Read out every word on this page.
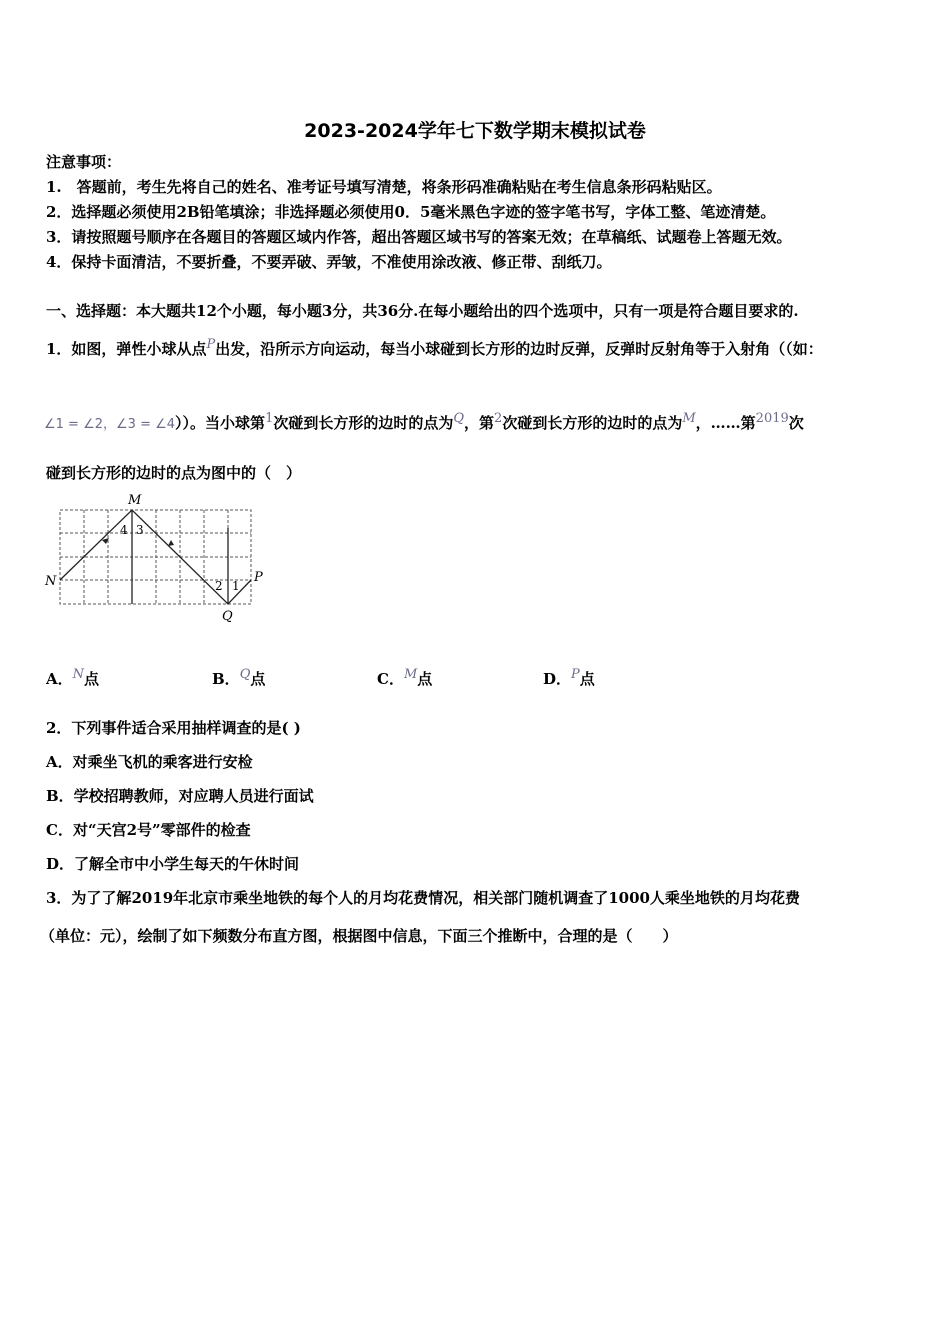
2023-2024学年七下数学期末模拟试卷
注意事项：
1.　答题前，考生先将自己的姓名、准考证号填写清楚，将条形码准确粘贴在考生信息条形码粘贴区。
2．选择题必须使用2B铅笔填涂；非选择题必须使用0．5毫米黑色字迹的签字笔书写，字体工整、笔迹清楚。
3．请按照题号顺序在各题目的答题区域内作答，超出答题区域书写的答案无效；在草稿纸、试题卷上答题无效。
4．保持卡面清洁，不要折叠，不要弄破、弄皱，不准使用涂改液、修正带、刮纸刀。
一、选择题：本大题共12个小题，每小题3分，共36分.在每小题给出的四个选项中，只有一项是符合题目要求的.
1．如图，弹性小球从点P出发，沿所示方向运动，每当小球碰到长方形的边时反弹，反弹时反射角等于入射角（（如：
∠1 = ∠2，∠3 = ∠4））。当小球第1次碰到长方形的边时的点为Q，第2次碰到长方形的边时的点为M，……第2019次
碰到长方形的边时的点为图中的（　）
M
N	P
Q
1
2
3
4
A．N点	B．Q点	C．M点	D．P点
2．下列事件适合采用抽样调查的是( )
A．对乘坐飞机的乘客进行安检
B．学校招聘教师，对应聘人员进行面试
C．对“天宫2号”零部件的检查
D．了解全市中小学生每天的午休时间
3．为了了解2019年北京市乘坐地铁的每个人的月均花费情况，相关部门随机调查了1000人乘坐地铁的月均花费
（单位：元），绘制了如下频数分布直方图，根据图中信息，下面三个推断中，合理的是（　　）
